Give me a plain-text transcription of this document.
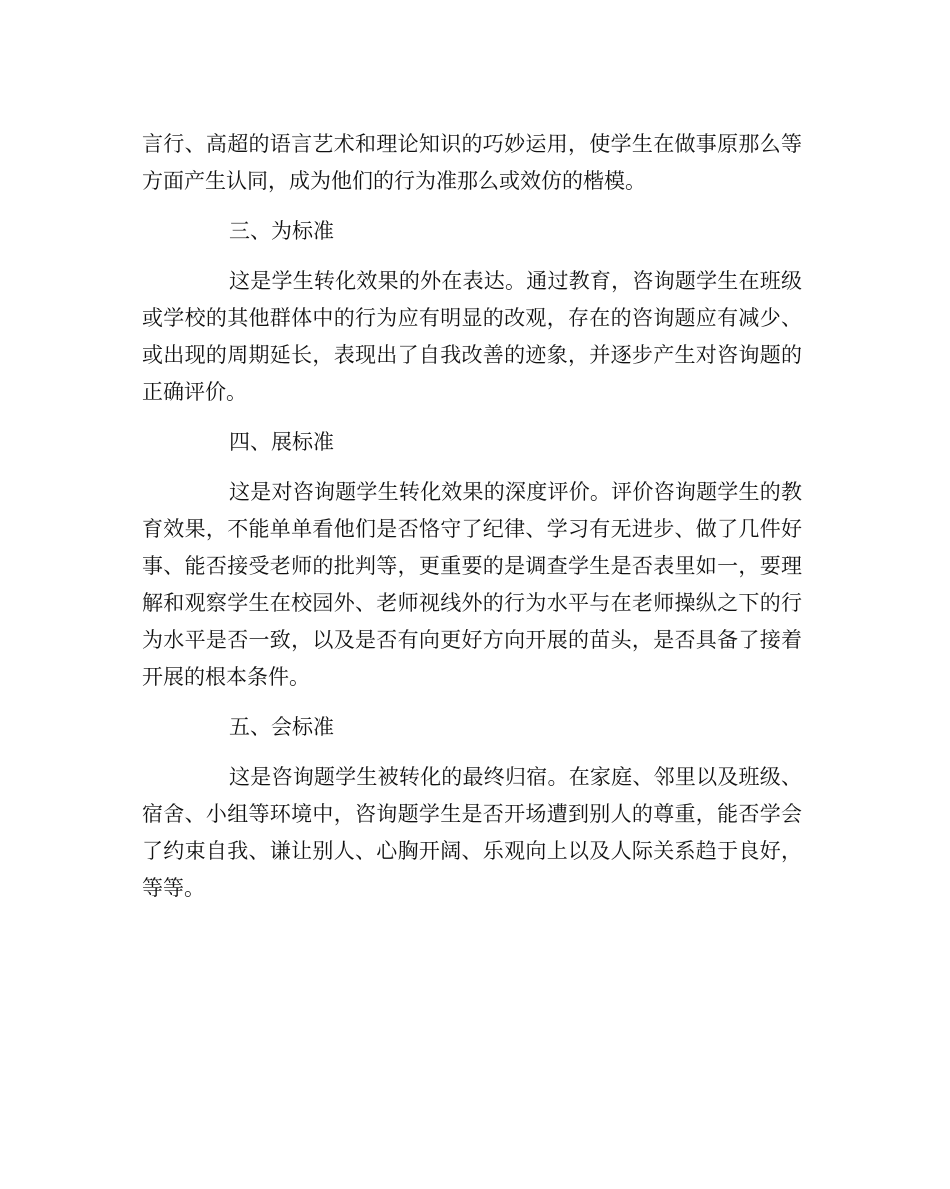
言行、高超的语言艺术和理论知识的巧妙运用，使学生在做事原那么等方面产生认同，成为他们的行为准那么或效仿的楷模。

三、为标准

这是学生转化效果的外在表达。通过教育，咨询题学生在班级或学校的其他群体中的行为应有明显的改观，存在的咨询题应有减少、或出现的周期延长，表现出了自我改善的迹象，并逐步产生对咨询题的正确评价。

四、展标准

这是对咨询题学生转化效果的深度评价。评价咨询题学生的教育效果，不能单单看他们是否恪守了纪律、学习有无进步、做了几件好事、能否接受老师的批判等，更重要的是调查学生是否表里如一，要理解和观察学生在校园外、老师视线外的行为水平与在老师操纵之下的行为水平是否一致，以及是否有向更好方向开展的苗头，是否具备了接着开展的根本条件。

五、会标准

这是咨询题学生被转化的最终归宿。在家庭、邻里以及班级、宿舍、小组等环境中，咨询题学生是否开场遭到别人的尊重，能否学会了约束自我、谦让别人、心胸开阔、乐观向上以及人际关系趋于良好，等等。
